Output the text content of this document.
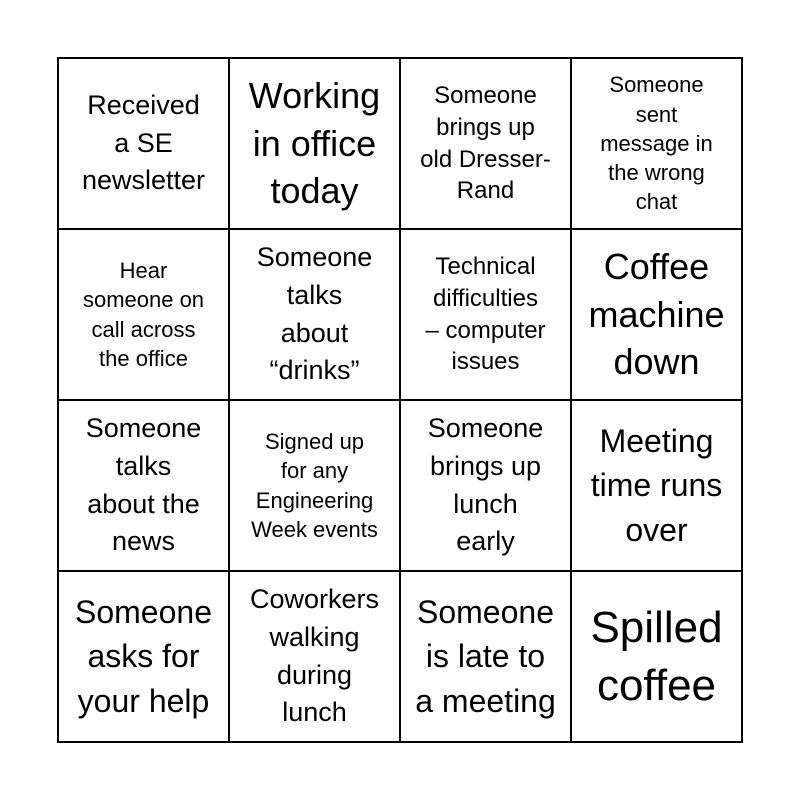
Received
a SE
newsletter
Working
in office
today
Someone
brings up
old Dresser-
Rand
Someone
sent
message in
the wrong
chat
Hear
someone on
call across
the office
Someone
talks
about
“drinks”
Technical
difficulties
– computer
issues
Coffee
machine
down
Someone
talks
about the
news
Signed up
for any
Engineering
Week events
Someone
brings up
lunch
early
Meeting
time runs
over
Someone
asks for
your help
Coworkers
walking
during
lunch
Someone
is late to
a meeting
Spilled
coffee
